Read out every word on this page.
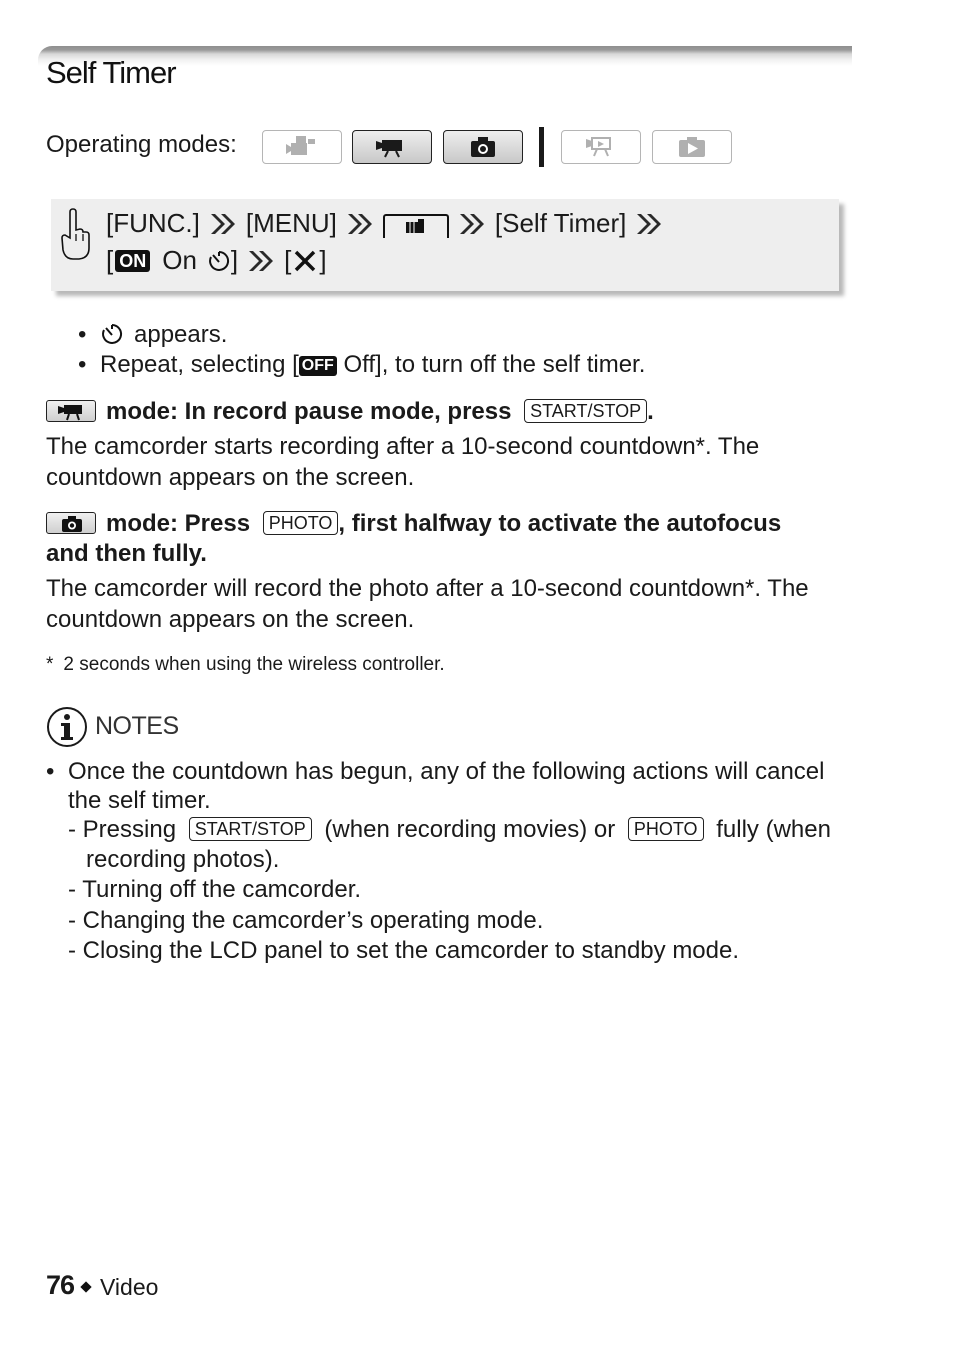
Self Timer
Operating modes:
[FUNC.] [MENU]	[Self Timer]
[ ON On ] [ ]
• appears.
• Repeat, selecting [ OFF Off], to turn off the self timer.
mode: In record pause mode, press START/STOP .
The camcorder starts recording after a 10-second countdown*. The
countdown appears on the screen.
mode: Press PHOTO , first halfway to activate the autofocus
and then fully.
The camcorder will record the photo after a 10-second countdown*. The
countdown appears on the screen.
* 2 seconds when using the wireless controller.
NOTES
• Once the countdown has begun, any of the following actions will cancel
the self timer.
- Pressing START/STOP (when recording movies) or PHOTO fully (when
recording photos).
- Turning off the camcorder.
- Changing the camcorder’s operating mode.
- Closing the LCD panel to set the camcorder to standby mode.
76 Video
